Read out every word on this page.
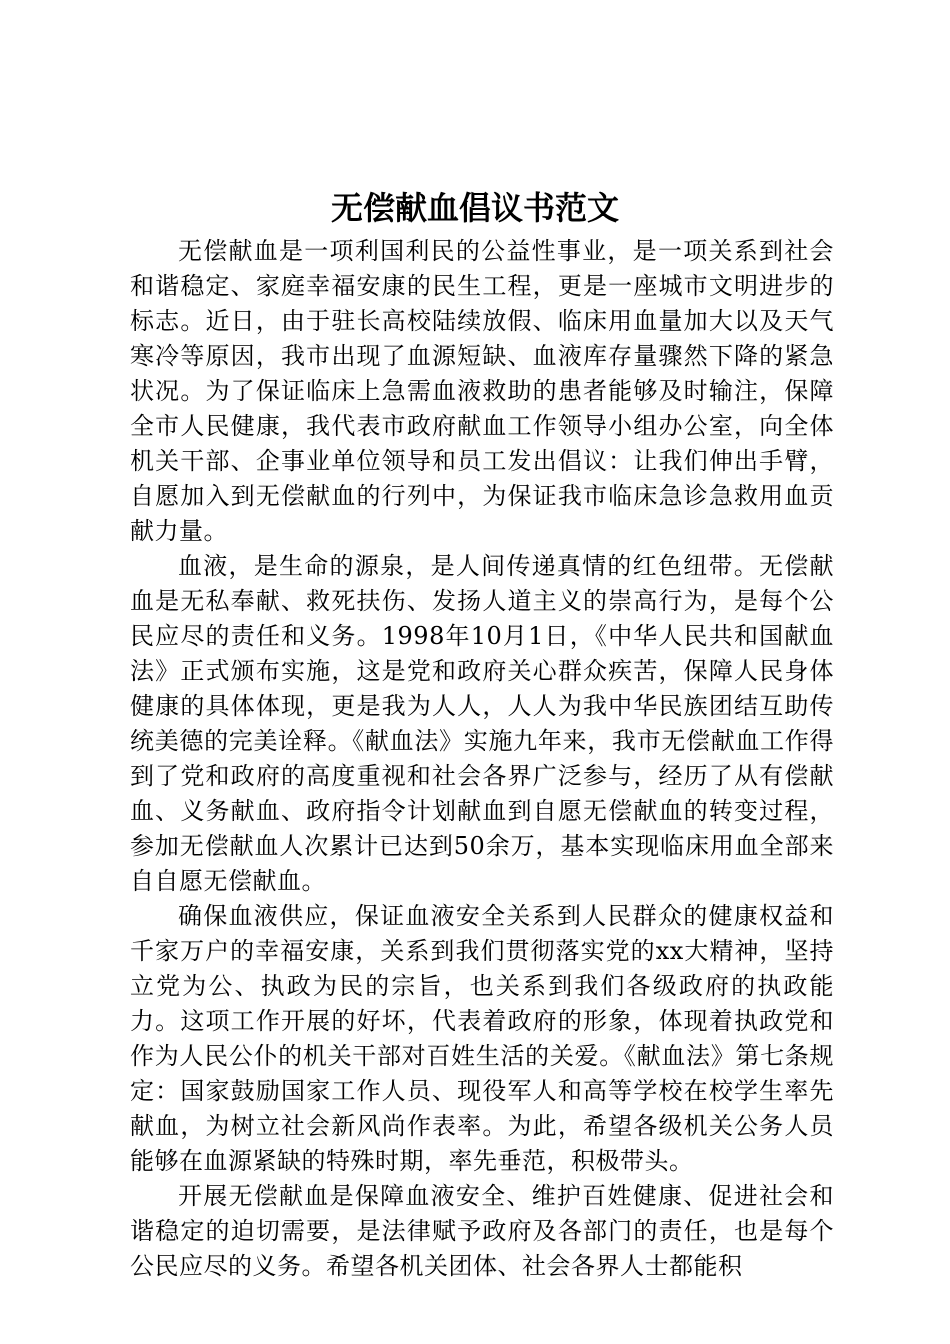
无偿献血倡议书范文

无偿献血是一项利国利民的公益性事业，是一项关系到社会和谐稳定、家庭幸福安康的民生工程，更是一座城市文明进步的标志。近日，由于驻长高校陆续放假、临床用血量加大以及天气寒冷等原因，我市出现了血源短缺、血液库存量骤然下降的紧急状况。为了保证临床上急需血液救助的患者能够及时输注，保障全市人民健康，我代表市政府献血工作领导小组办公室，向全体机关干部、企事业单位领导和员工发出倡议：让我们伸出手臂，自愿加入到无偿献血的行列中，为保证我市临床急诊急救用血贡献力量。

血液，是生命的源泉，是人间传递真情的红色纽带。无偿献血是无私奉献、救死扶伤、发扬人道主义的崇高行为，是每个公民应尽的责任和义务。1998年10月1日，《中华人民共和国献血法》正式颁布实施，这是党和政府关心群众疾苦，保障人民身体健康的具体体现，更是我为人人，人人为我中华民族团结互助传统美德的完美诠释。《献血法》实施九年来，我市无偿献血工作得到了党和政府的高度重视和社会各界广泛参与，经历了从有偿献血、义务献血、政府指令计划献血到自愿无偿献血的转变过程，参加无偿献血人次累计已达到50余万，基本实现临床用血全部来自自愿无偿献血。

确保血液供应，保证血液安全关系到人民群众的健康权益和千家万户的幸福安康，关系到我们贯彻落实党的xx大精神，坚持立党为公、执政为民的宗旨，也关系到我们各级政府的执政能力。这项工作开展的好坏，代表着政府的形象，体现着执政党和作为人民公仆的机关干部对百姓生活的关爱。《献血法》第七条规定：国家鼓励国家工作人员、现役军人和高等学校在校学生率先献血，为树立社会新风尚作表率。为此，希望各级机关公务人员能够在血源紧缺的特殊时期，率先垂范，积极带头。

开展无偿献血是保障血液安全、维护百姓健康、促进社会和谐稳定的迫切需要，是法律赋予政府及各部门的责任，也是每个公民应尽的义务。希望各机关团体、社会各界人士都能积
